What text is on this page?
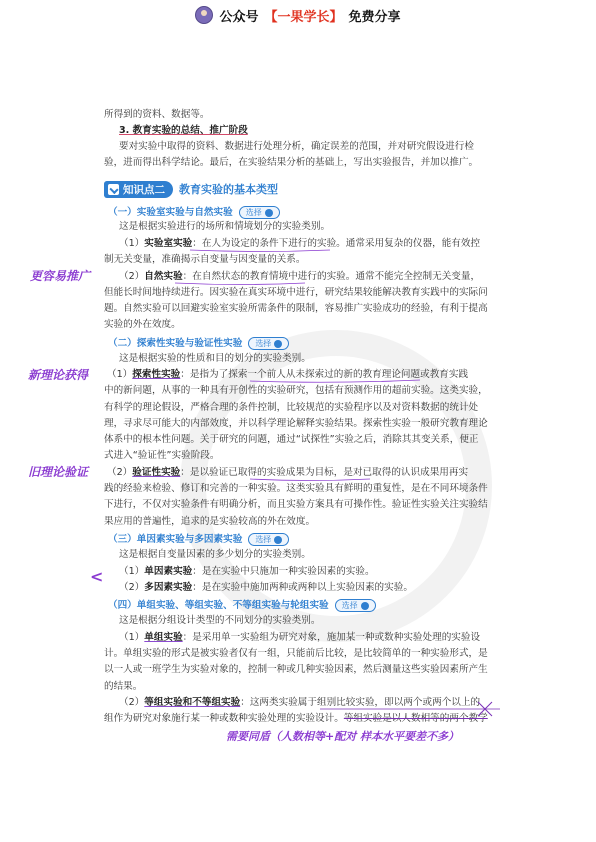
公众号 【一果学长】 免费分享
所得到的资料、数据等。
3. 教育实验的总结、推广阶段
要对实验中取得的资料、数据进行处理分析，确定误差的范围，并对研究假设进行检
验，进而得出科学结论。最后，在实验结果分析的基础上，写出实验报告，并加以推广。
知识点二 教育实验的基本类型
（一）实验室实验与自然实验 选择
这是根据实验进行的场所和情境划分的实验类别。
（1）实验室实验：在人为设定的条件下进行的实验。通常采用复杂的仪器，能有效控
制无关变量，准确揭示自变量与因变量的关系。
（2）自然实验：在自然状态的教育情境中进行的实验。通常不能完全控制无关变量，
但能长时间地持续进行。因实验在真实环境中进行，研究结果较能解决教育实践中的实际问
题。自然实验可以回避实验室实验所需条件的限制，容易推广实验成功的经验，有利于提高
实验的外在效度。
（二）探索性实验与验证性实验 选择
这是根据实验的性质和目的划分的实验类别。
（1）探索性实验：是指为了探索一个前人从未探索过的新的教育理论问题或教育实践
中的新问题，从事的一种具有开创性的实验研究，包括有预测作用的超前实验。这类实验，
有科学的理论假设，严格合理的条件控制，比较规范的实验程序以及对资料数据的统计处
理，寻求尽可能大的内部效度，并以科学理论解释实验结果。探索性实验一般研究教育理论
体系中的根本性问题。关于研究的问题，通过“试探性”实验之后，消除其其变关系，便正
式进入“验证性”实验阶段。
（2）验证性实验：是以验证已取得的实验成果为目标，是对已取得的认识成果用再实
践的经验来检验、修订和完善的一种实验。这类实验具有鲜明的重复性，是在不同环境条件
下进行，不仅对实验条件有明确分析，而且实验方案具有可操作性。验证性实验关注实验结
果应用的普遍性，追求的是实验较高的外在效度。
（三）单因素实验与多因素实验 选择
这是根据自变量因素的多少划分的实验类别。
（1）单因素实验：是在实验中只施加一种实验因素的实验。
（2）多因素实验：是在实验中施加两种或两种以上实验因素的实验。
（四）单组实验、等组实验、不等组实验与轮组实验 选择
这是根据分组设计类型的不同划分的实验类别。
（1）单组实验：是采用单一实验组为研究对象，施加某一种或数种实验处理的实验设
计。单组实验的形式是被实验者仅有一组，只能前后比较，是比较简单的一种实验形式，是
以一人或一班学生为实验对象的，控制一种或几种实验因素，然后测量这些实验因素所产生
的结果。
（2）等组实验和不等组实验：这两类实验属于组别比较实验，即以两个或两个以上的
组作为研究对象施行某一种或数种实验处理的实验设计。等组实验是以人数相等的两个教学
更容易推广
新理论获得
旧理论验证
<
需要同盾（人数相等+配对 样本水平要差不多）
